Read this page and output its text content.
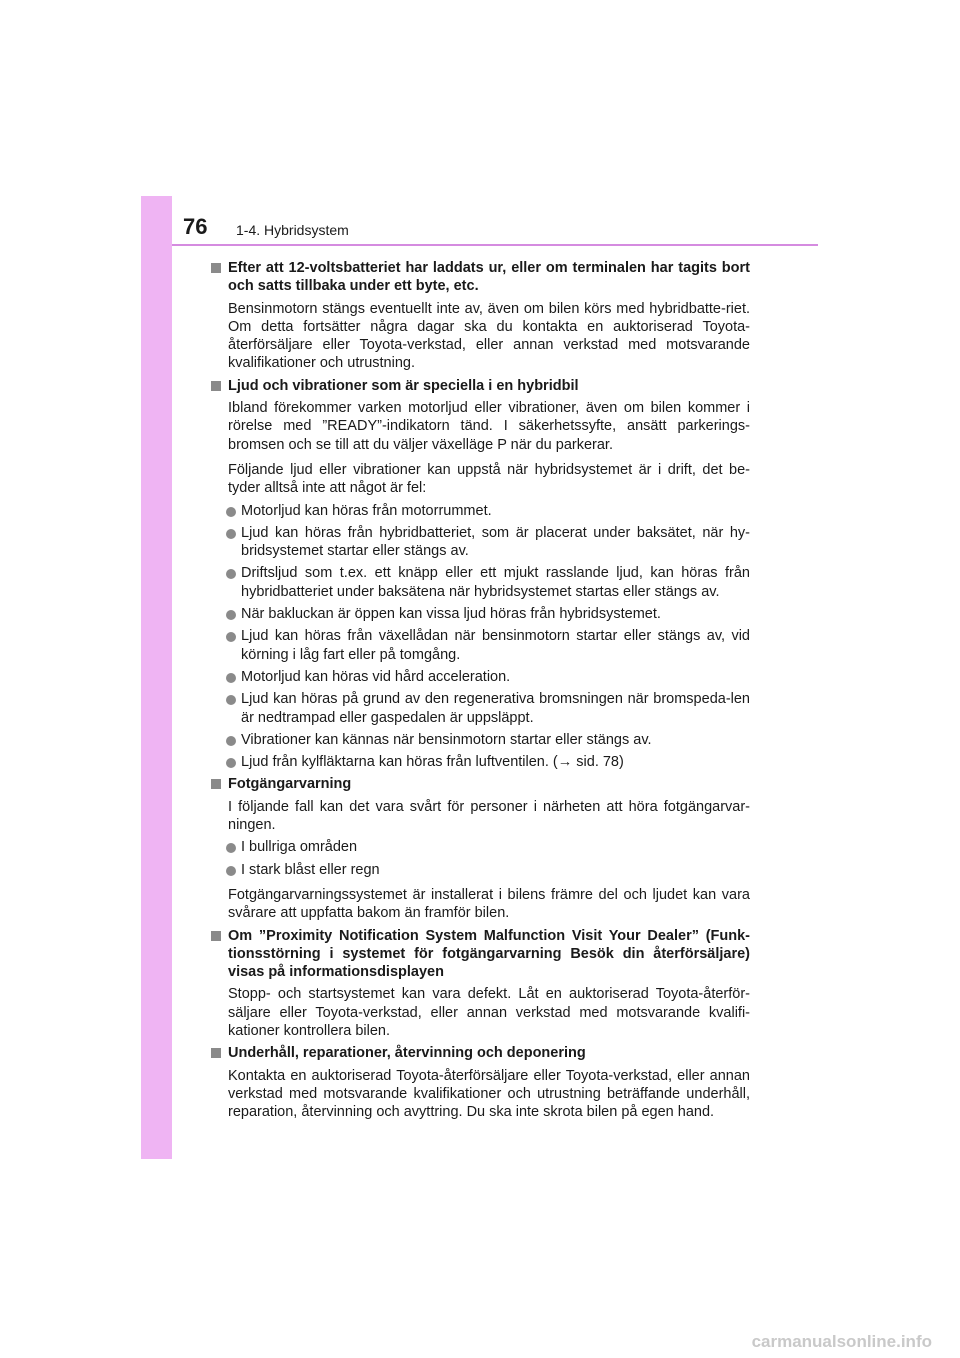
76 1-4. Hybridsystem
Efter att 12-voltsbatteriet har laddats ur, eller om terminalen har tagits bort och satts tillbaka under ett byte, etc.
Bensinmotorn stängs eventuellt inte av, även om bilen körs med hybridbatte-riet. Om detta fortsätter några dagar ska du kontakta en auktoriserad Toyota-återförsäljare eller Toyota-verkstad, eller annan verkstad med motsvarande kvalifikationer och utrustning.
Ljud och vibrationer som är speciella i en hybridbil
Ibland förekommer varken motorljud eller vibrationer, även om bilen kommer i rörelse med ”READY”-indikatorn tänd. I säkerhetssyfte, ansätt parkerings-bromsen och se till att du väljer växelläge P när du parkerar.
Följande ljud eller vibrationer kan uppstå när hybridsystemet är i drift, det be-tyder alltså inte att något är fel:
Motorljud kan höras från motorrummet.
Ljud kan höras från hybridbatteriet, som är placerat under baksätet, när hy-bridsystemet startar eller stängs av.
Driftsljud som t.ex. ett knäpp eller ett mjukt rasslande ljud, kan höras från hybridbatteriet under baksätena när hybridsystemet startas eller stängs av.
När bakluckan är öppen kan vissa ljud höras från hybridsystemet.
Ljud kan höras från växellådan när bensinmotorn startar eller stängs av, vid körning i låg fart eller på tomgång.
Motorljud kan höras vid hård acceleration.
Ljud kan höras på grund av den regenerativa bromsningen när bromspeda-len är nedtrampad eller gaspedalen är uppsläppt.
Vibrationer kan kännas när bensinmotorn startar eller stängs av.
Ljud från kylfläktarna kan höras från luftventilen. (→ sid. 78)
Fotgängarvarning
I följande fall kan det vara svårt för personer i närheten att höra fotgängarvar-ningen.
I bullriga områden
I stark blåst eller regn
Fotgängarvarningssystemet är installerat i bilens främre del och ljudet kan vara svårare att uppfatta bakom än framför bilen.
Om ”Proximity Notification System Malfunction Visit Your Dealer” (Funk-tionsstörning i systemet för fotgängarvarning Besök din återförsäljare) visas på informationsdisplayen
Stopp- och startsystemet kan vara defekt. Låt en auktoriserad Toyota-återför-säljare eller Toyota-verkstad, eller annan verkstad med motsvarande kvalifi-kationer kontrollera bilen.
Underhåll, reparationer, återvinning och deponering
Kontakta en auktoriserad Toyota-återförsäljare eller Toyota-verkstad, eller annan verkstad med motsvarande kvalifikationer och utrustning beträffande underhåll, reparation, återvinning och avyttring. Du ska inte skrota bilen på egen hand.
carmanualsonline.info
